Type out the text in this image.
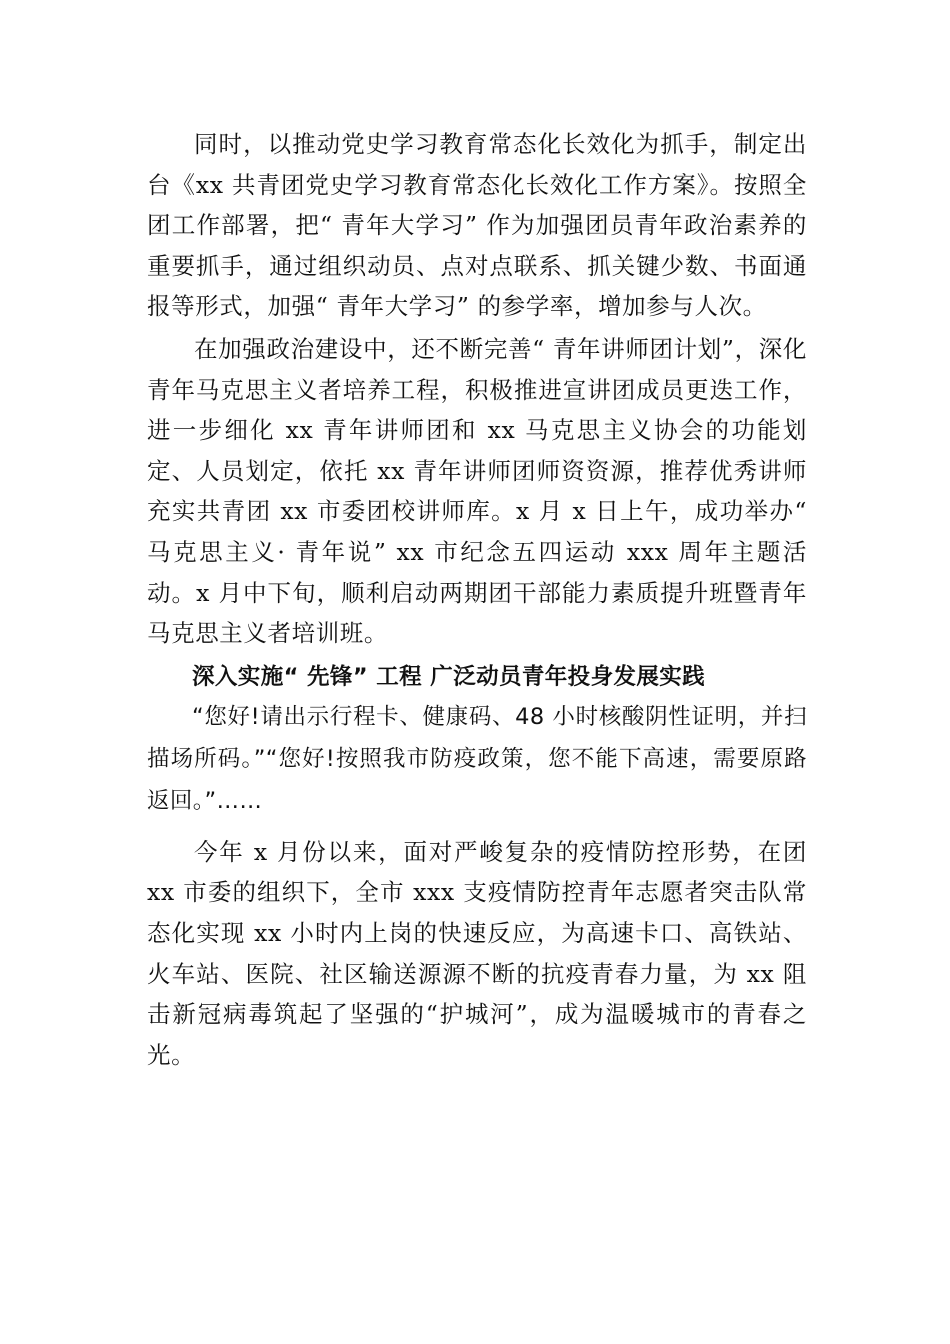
同时，以推动党史学习教育常态化长效化为抓手，制定出台《xx 共青团党史学习教育常态化长效化工作方案》。按照全团工作部署，把“ 青年大学习” 作为加强团员青年政治素养的重要抓手，通过组织动员、点对点联系、抓关键少数、书面通报等形式，加强“ 青年大学习” 的参学率，增加参与人次。

在加强政治建设中，还不断完善“ 青年讲师团计划”，深化青年马克思主义者培养工程，积极推进宣讲团成员更迭工作，进一步细化 xx 青年讲师团和 xx 马克思主义协会的功能划定、人员划定，依托 xx 青年讲师团师资资源，推荐优秀讲师充实共青团 xx 市委团校讲师库。x 月 x 日上午，成功举办“ 马克思主义· 青年说” xx 市纪念五四运动 xxx 周年主题活动。x 月中下旬，顺利启动两期团干部能力素质提升班暨青年马克思主义者培训班。

深入实施“ 先锋” 工程 广泛动员青年投身发展实践

“您好!请出示行程卡、健康码、48 小时核酸阴性证明，并扫描场所码。”“您好!按照我市防疫政策，您不能下高速，需要原路返回。”……

今年 x 月份以来，面对严峻复杂的疫情防控形势，在团 xx 市委的组织下，全市 xxx 支疫情防控青年志愿者突击队常态化实现 xx 小时内上岗的快速反应，为高速卡口、高铁站、火车站、医院、社区输送源源不断的抗疫青春力量，为 xx 阻击新冠病毒筑起了坚强的“护城河”，成为温暖城市的青春之光。
